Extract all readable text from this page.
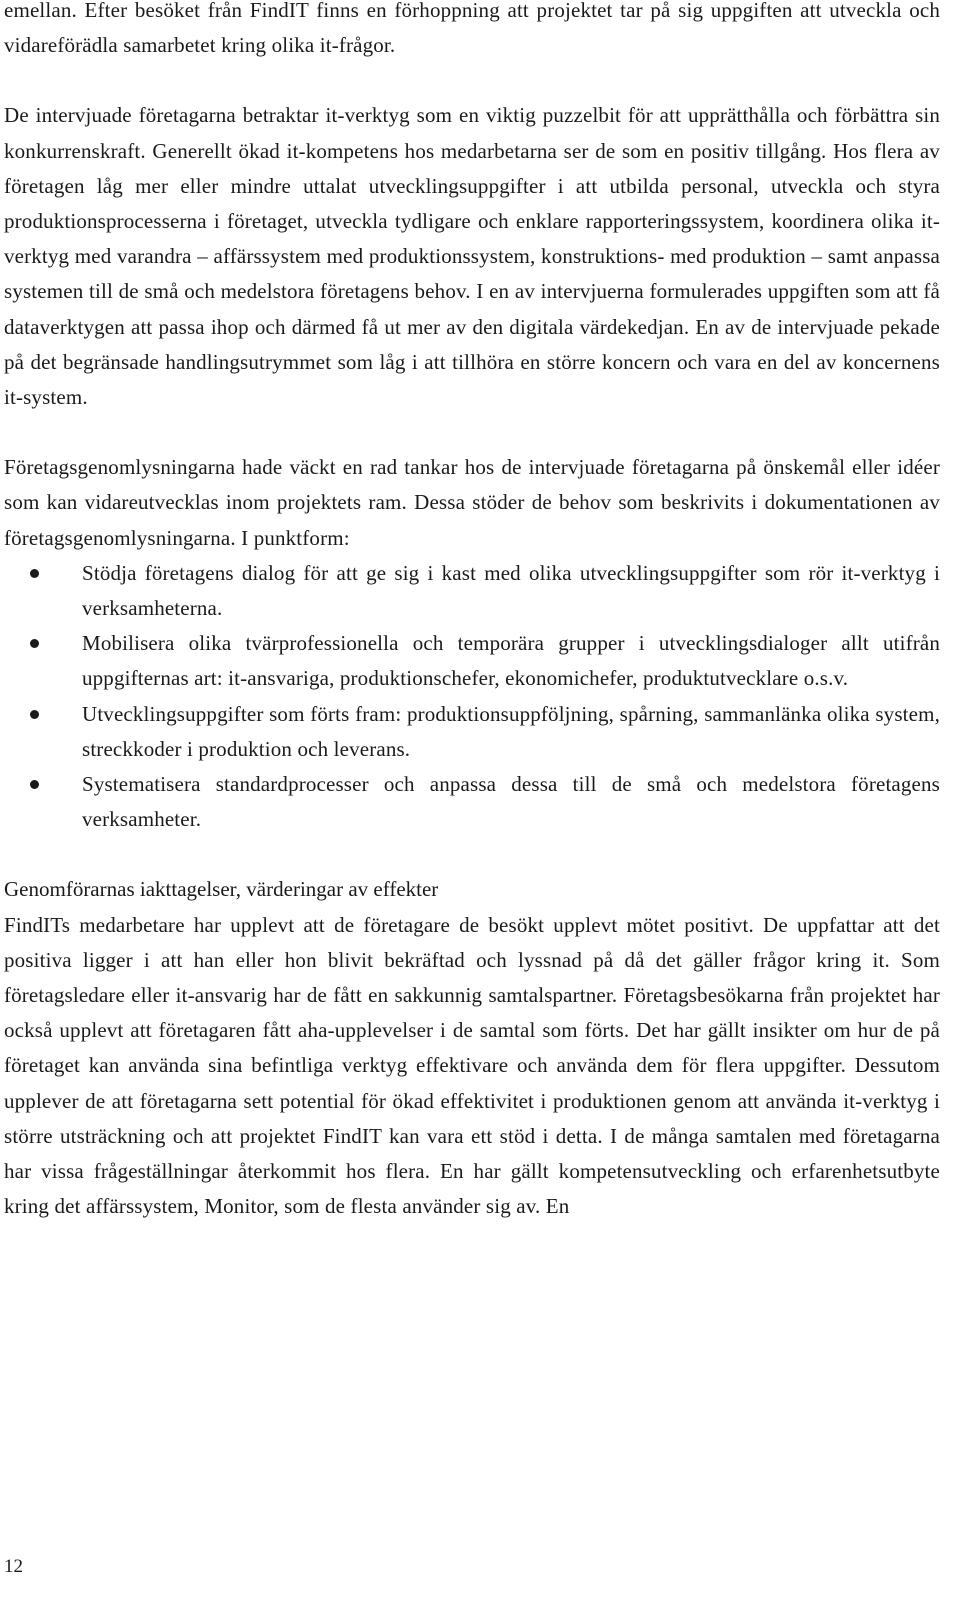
emellan. Efter besöket från FindIT finns en förhoppning att projektet tar på sig uppgiften att utveckla och vidareförädla samarbetet kring olika it-frågor.

De intervjuade företagarna betraktar it-verktyg som en viktig puzzelbit för att upprätthålla och förbättra sin konkurrenskraft. Generellt ökad it-kompetens hos medarbetarna ser de som en positiv tillgång. Hos flera av företagen låg mer eller mindre uttalat utvecklingsuppgifter i att utbilda personal, utveckla och styra produktionsprocesserna i företaget, utveckla tydligare och enklare rapporteringssystem, koordinera olika it-verktyg med varandra – affärssystem med produktionssystem, konstruktions- med produktion – samt anpassa systemen till de små och medelstora företagens behov. I en av intervjuerna formulerades uppgiften som att få dataverktygen att passa ihop och därmed få ut mer av den digitala värdekedjan. En av de intervjuade pekade på det begränsade handlingsutrymmet som låg i att tillhöra en större koncern och vara en del av koncernens it-system.

Företagsgenomlysningarna hade väckt en rad tankar hos de intervjuade företagarna på önskemål eller idéer som kan vidareutvecklas inom projektets ram. Dessa stöder de behov som beskrivits i dokumentationen av företagsgenomlysningarna. I punktform:

Stödja företagens dialog för att ge sig i kast med olika utvecklingsuppgifter som rör it-verktyg i verksamheterna.
Mobilisera olika tvärprofessionella och temporära grupper i utvecklingsdialoger allt utifrån uppgifternas art: it-ansvariga, produktionschefer, ekonomichefer, produktutvecklare o.s.v.
Utvecklingsuppgifter som förts fram: produktionsuppföljning, spårning, sammanlänka olika system, streckkoder i produktion och leverans.
Systematisera standardprocesser och anpassa dessa till de små och medelstora företagens verksamheter.

Genomförarnas iakttagelser, värderingar av effekter

FindITs medarbetare har upplevt att de företagare de besökt upplevt mötet positivt. De uppfattar att det positiva ligger i att han eller hon blivit bekräftad och lyssnad på då det gäller frågor kring it. Som företagsledare eller it-ansvarig har de fått en sakkunnig samtalspartner. Företagsbesökarna från projektet har också upplevt att företagaren fått aha-upplevelser i de samtal som förts. Det har gällt insikter om hur de på företaget kan använda sina befintliga verktyg effektivare och använda dem för flera uppgifter. Dessutom upplever de att företagarna sett potential för ökad effektivitet i produktionen genom att använda it-verktyg i större utsträckning och att projektet FindIT kan vara ett stöd i detta. I de många samtalen med företagarna har vissa frågeställningar återkommit hos flera. En har gällt kompetensutveckling och erfarenhetsutbyte kring det affärssystem, Monitor, som de flesta använder sig av. En

12
